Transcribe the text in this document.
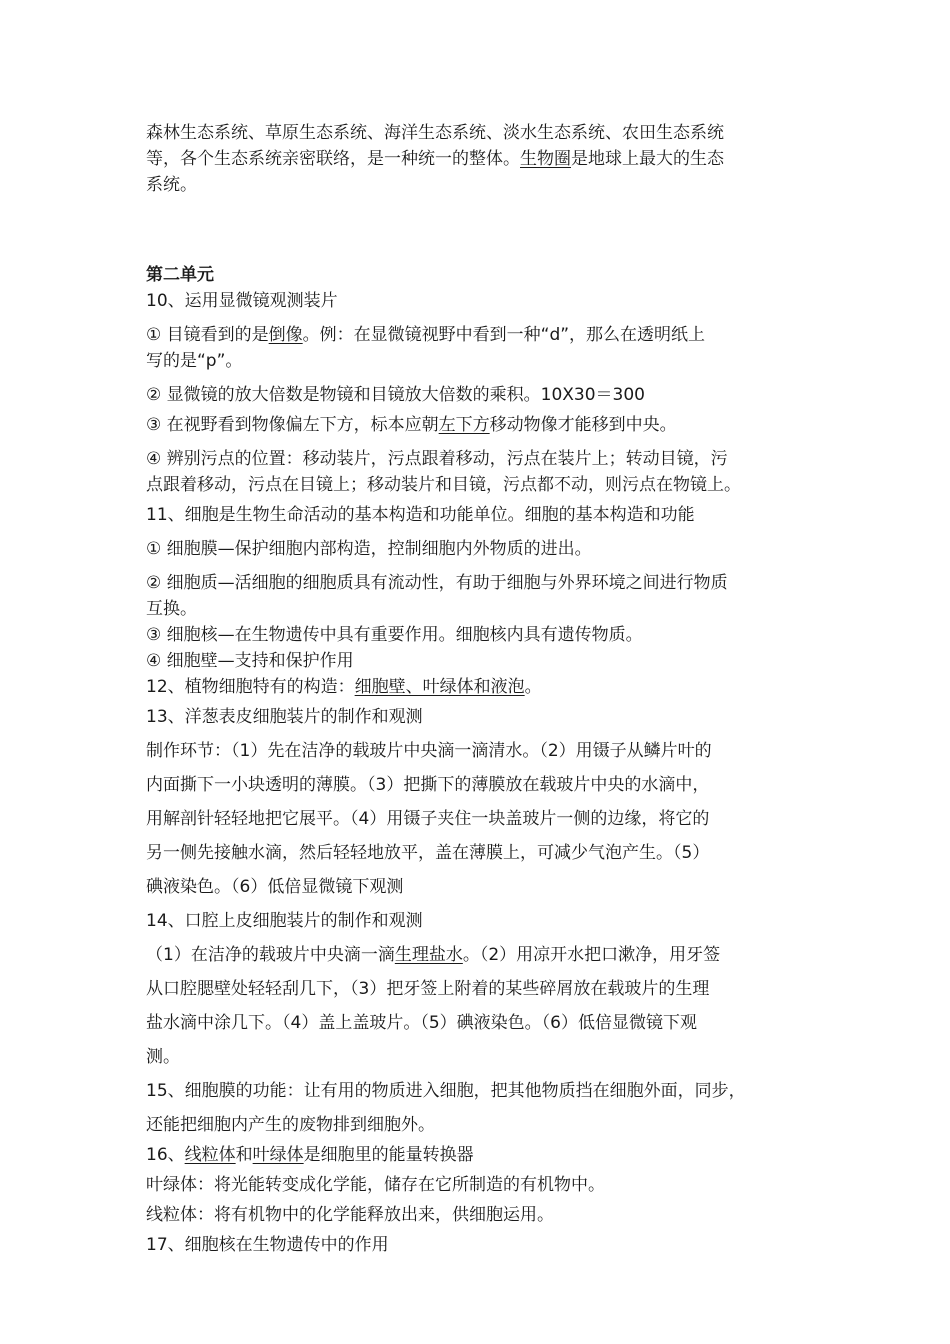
森林生态系统、草原生态系统、海洋生态系统、淡水生态系统、农田生态系统
等，各个生态系统亲密联络，是一种统一的整体。生物圈是地球上最大的生态
系统。
第二单元
10、运用显微镜观测装片
① 目镜看到的是倒像。例：在显微镜视野中看到一种“d”，那么在透明纸上
写的是“p”。
② 显微镜的放大倍数是物镜和目镜放大倍数的乘积。10X30＝300
③ 在视野看到物像偏左下方，标本应朝左下方移动物像才能移到中央。
④ 辨别污点的位置：移动装片，污点跟着移动，污点在装片上；转动目镜，污
点跟着移动，污点在目镜上；移动装片和目镜，污点都不动，则污点在物镜上。
11、细胞是生物生命活动的基本构造和功能单位。细胞的基本构造和功能
① 细胞膜—保护细胞内部构造，控制细胞内外物质的进出。
② 细胞质—活细胞的细胞质具有流动性，有助于细胞与外界环境之间进行物质
互换。
③ 细胞核—在生物遗传中具有重要作用。细胞核内具有遗传物质。
④ 细胞壁—支持和保护作用
12、植物细胞特有的构造：细胞壁、叶绿体和液泡。
13、洋葱表皮细胞装片的制作和观测
制作环节：（1）先在洁净的载玻片中央滴一滴清水。（2）用镊子从鳞片叶的
内面撕下一小块透明的薄膜。（3）把撕下的薄膜放在载玻片中央的水滴中，
用解剖针轻轻地把它展平。（4）用镊子夹住一块盖玻片一侧的边缘，将它的
另一侧先接触水滴，然后轻轻地放平，盖在薄膜上，可减少气泡产生。（5）
碘液染色。（6）低倍显微镜下观测
14、口腔上皮细胞装片的制作和观测
（1）在洁净的载玻片中央滴一滴生理盐水。（2）用凉开水把口漱净，用牙签
从口腔腮壁处轻轻刮几下，（3）把牙签上附着的某些碎屑放在载玻片的生理
盐水滴中涂几下。（4）盖上盖玻片。（5）碘液染色。（6）低倍显微镜下观
测。
15、细胞膜的功能：让有用的物质进入细胞，把其他物质挡在细胞外面，同步，
还能把细胞内产生的废物排到细胞外。
16、线粒体和叶绿体是细胞里的能量转换器
叶绿体：将光能转变成化学能，储存在它所制造的有机物中。
线粒体：将有机物中的化学能释放出来，供细胞运用。
17、细胞核在生物遗传中的作用
